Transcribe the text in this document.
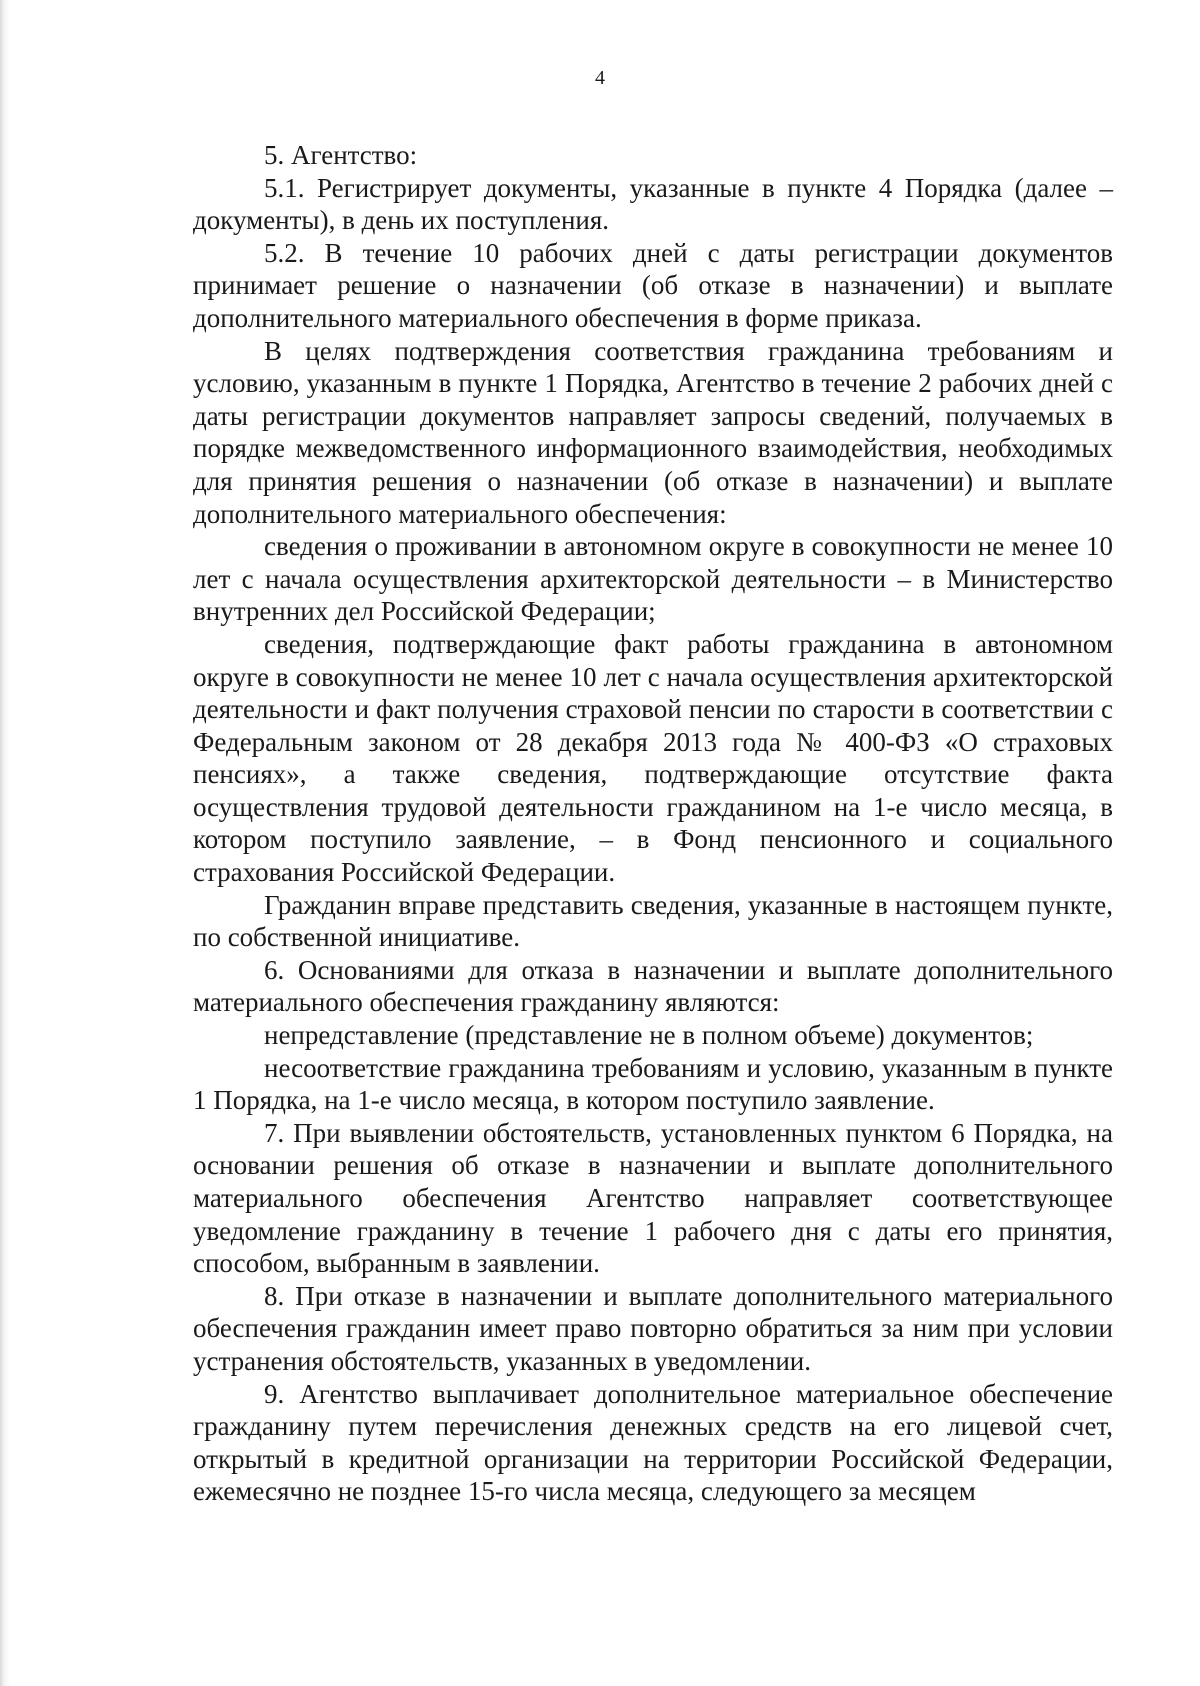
4

5. Агентство:

5.1. Регистрирует документы, указанные в пункте 4 Порядка (далее – документы), в день их поступления.

5.2. В течение 10 рабочих дней с даты регистрации документов принимает решение о назначении (об отказе в назначении) и выплате дополнительного материального обеспечения в форме приказа.

В целях подтверждения соответствия гражданина требованиям и условию, указанным в пункте 1 Порядка, Агентство в течение 2 рабочих дней с даты регистрации документов направляет запросы сведений, получаемых в порядке межведомственного информационного взаимодействия, необходимых для принятия решения о назначении (об отказе в назначении) и выплате дополнительного материального обеспечения:

сведения о проживании в автономном округе в совокупности не менее 10 лет с начала осуществления архитекторской деятельности – в Министерство внутренних дел Российской Федерации;

сведения, подтверждающие факт работы гражданина в автономном округе в совокупности не менее 10 лет с начала осуществления архитекторской деятельности и факт получения страховой пенсии по старости в соответствии с Федеральным законом от 28 декабря 2013 года № 400-ФЗ «О страховых пенсиях», а также сведения, подтверждающие отсутствие факта осуществления трудовой деятельности гражданином на 1-е число месяца, в котором поступило заявление, – в Фонд пенсионного и социального страхования Российской Федерации.

Гражданин вправе представить сведения, указанные в настоящем пункте, по собственной инициативе.

6. Основаниями для отказа в назначении и выплате дополнительного материального обеспечения гражданину являются:

непредставление (представление не в полном объеме) документов;

несоответствие гражданина требованиям и условию, указанным в пункте 1 Порядка, на 1-е число месяца, в котором поступило заявление.

7. При выявлении обстоятельств, установленных пунктом 6 Порядка, на основании решения об отказе в назначении и выплате дополнительного материального обеспечения Агентство направляет соответствующее уведомление гражданину в течение 1 рабочего дня с даты его принятия, способом, выбранным в заявлении.

8. При отказе в назначении и выплате дополнительного материального обеспечения гражданин имеет право повторно обратиться за ним при условии устранения обстоятельств, указанных в уведомлении.

9. Агентство выплачивает дополнительное материальное обеспечение гражданину путем перечисления денежных средств на его лицевой счет, открытый в кредитной организации на территории Российской Федерации, ежемесячно не позднее 15-го числа месяца, следующего за месяцем
